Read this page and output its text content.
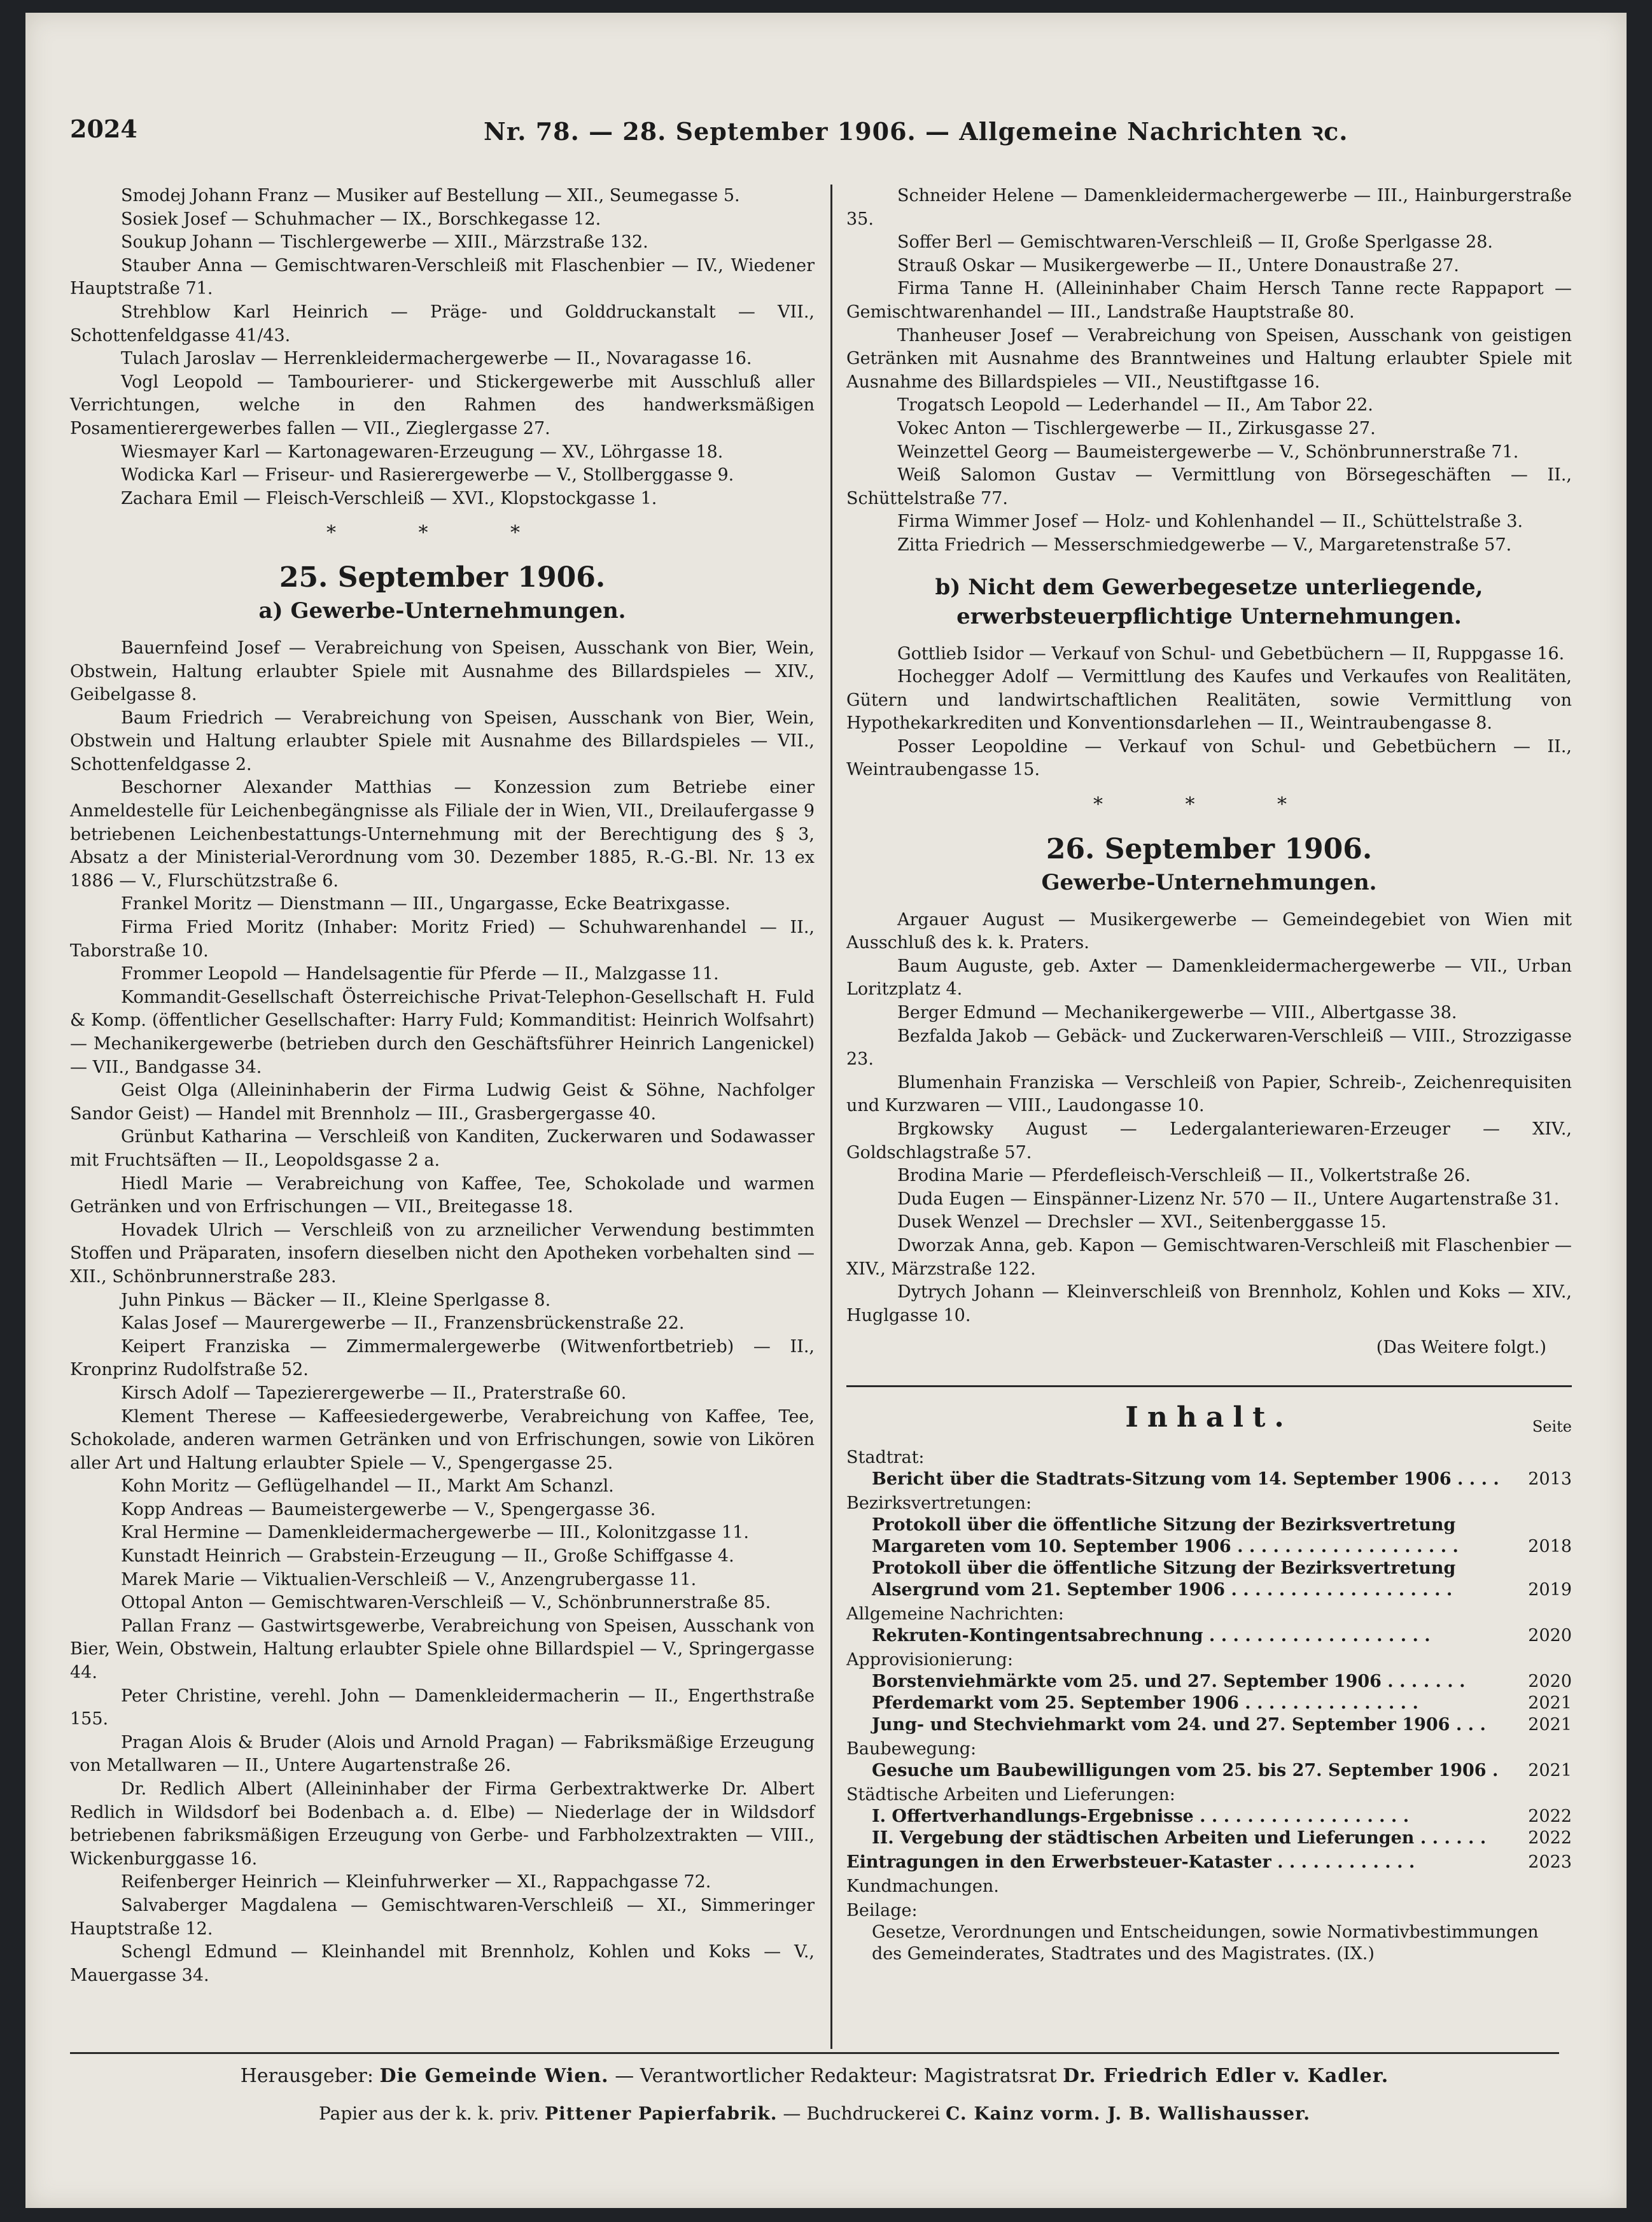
2024	Nr. 78. — 28. September 1906. — Allgemeine Nachrichten ꝛc.

Smodej Johann Franz — Musiker auf Bestellung — XII., Seumegasse 5.

Sosiek Josef — Schuhmacher — IX., Borschkegasse 12.

Soukup Johann — Tischlergewerbe — XIII., Märzstraße 132.

Stauber Anna — Gemischtwaren-Verschleiß mit Flaschenbier — IV., Wiedener Hauptstraße 71.

Strehblow Karl Heinrich — Präge- und Golddruckanstalt — VII., Schottenfeldgasse 41/43.

Tulach Jaroslav — Herrenkleidermachergewerbe — II., Novaragasse 16.

Vogl Leopold — Tambourierer- und Stickergewerbe mit Ausschluß aller Verrichtungen, welche in den Rahmen des handwerksmäßigen Posamentierergewerbes fallen — VII., Zieglergasse 27.

Wiesmayer Karl — Kartonagewaren-Erzeugung — XV., Löhrgasse 18.

Wodicka Karl — Friseur- und Rasierergewerbe — V., Stollberggasse 9.

Zachara Emil — Fleisch-Verschleiß — XVI., Klopstockgasse 1.

* * *
25. September 1906.
a) Gewerbe-Unternehmungen.

Bauernfeind Josef — Verabreichung von Speisen, Ausschank von Bier, Wein, Obstwein, Haltung erlaubter Spiele mit Ausnahme des Billardspieles — XIV., Geibelgasse 8.

Baum Friedrich — Verabreichung von Speisen, Ausschank von Bier, Wein, Obstwein und Haltung erlaubter Spiele mit Ausnahme des Billardspieles — VII., Schottenfeldgasse 2.

Beschorner Alexander Matthias — Konzession zum Betriebe einer Anmeldestelle für Leichenbegängnisse als Filiale der in Wien, VII., Dreilaufergasse 9 betriebenen Leichenbestattungs-Unternehmung mit der Berechtigung des § 3, Absatz a der Ministerial-Verordnung vom 30. Dezember 1885, R.-G.-Bl. Nr. 13 ex 1886 — V., Flurschützstraße 6.

Frankel Moritz — Dienstmann — III., Ungargasse, Ecke Beatrixgasse.

Firma Fried Moritz (Inhaber: Moritz Fried) — Schuhwarenhandel — II., Taborstraße 10.

Frommer Leopold — Handelsagentie für Pferde — II., Malzgasse 11.

Kommandit-Gesellschaft Österreichische Privat-Telephon-Gesellschaft H. Fuld & Komp. (öffentlicher Gesellschafter: Harry Fuld; Kommanditist: Heinrich Wolfsahrt) — Mechanikergewerbe (betrieben durch den Geschäftsführer Heinrich Langenickel) — VII., Bandgasse 34.

Geist Olga (Alleininhaberin der Firma Ludwig Geist & Söhne, Nachfolger Sandor Geist) — Handel mit Brennholz — III., Grasbergergasse 40.

Grünbut Katharina — Verschleiß von Kanditen, Zuckerwaren und Sodawasser mit Fruchtsäften — II., Leopoldsgasse 2 a.

Hiedl Marie — Verabreichung von Kaffee, Tee, Schokolade und warmen Getränken und von Erfrischungen — VII., Breitegasse 18.

Hovadek Ulrich — Verschleiß von zu arzneilicher Verwendung bestimmten Stoffen und Präparaten, insofern dieselben nicht den Apotheken vorbehalten sind — XII., Schönbrunnerstraße 283.

Juhn Pinkus — Bäcker — II., Kleine Sperlgasse 8.

Kalas Josef — Maurergewerbe — II., Franzensbrückenstraße 22.

Keipert Franziska — Zimmermalergewerbe (Witwenfortbetrieb) — II., Kronprinz Rudolfstraße 52.

Kirsch Adolf — Tapezierergewerbe — II., Praterstraße 60.

Klement Therese — Kaffeesiedergewerbe, Verabreichung von Kaffee, Tee, Schokolade, anderen warmen Getränken und von Erfrischungen, sowie von Likören aller Art und Haltung erlaubter Spiele — V., Spengergasse 25.

Kohn Moritz — Geflügelhandel — II., Markt Am Schanzl.

Kopp Andreas — Baumeistergewerbe — V., Spengergasse 36.

Kral Hermine — Damenkleidermachergewerbe — III., Kolonitzgasse 11.

Kunstadt Heinrich — Grabstein-Erzeugung — II., Große Schiffgasse 4.

Marek Marie — Viktualien-Verschleiß — V., Anzengrubergasse 11.

Ottopal Anton — Gemischtwaren-Verschleiß — V., Schönbrunnerstraße 85.

Pallan Franz — Gastwirtsgewerbe, Verabreichung von Speisen, Ausschank von Bier, Wein, Obstwein, Haltung erlaubter Spiele ohne Billardspiel — V., Springergasse 44.

Peter Christine, verehl. John — Damenkleidermacherin — II., Engerthstraße 155.

Pragan Alois & Bruder (Alois und Arnold Pragan) — Fabriksmäßige Erzeugung von Metallwaren — II., Untere Augartenstraße 26.

Dr. Redlich Albert (Alleininhaber der Firma Gerbextraktwerke Dr. Albert Redlich in Wildsdorf bei Bodenbach a. d. Elbe) — Niederlage der in Wildsdorf betriebenen fabriksmäßigen Erzeugung von Gerbe- und Farbholzextrakten — VIII., Wickenburggasse 16.

Reifenberger Heinrich — Kleinfuhrwerker — XI., Rappachgasse 72.

Salvaberger Magdalena — Gemischtwaren-Verschleiß — XI., Simmeringer Hauptstraße 12.

Schengl Edmund — Kleinhandel mit Brennholz, Kohlen und Koks — V., Mauergasse 34.

Schneider Helene — Damenkleidermachergewerbe — III., Hainburgerstraße 35.

Soffer Berl — Gemischtwaren-Verschleiß — II, Große Sperlgasse 28.

Strauß Oskar — Musikergewerbe — II., Untere Donaustraße 27.

Firma Tanne H. (Alleininhaber Chaim Hersch Tanne recte Rappaport — Gemischtwarenhandel — III., Landstraße Hauptstraße 80.

Thanheuser Josef — Verabreichung von Speisen, Ausschank von geistigen Getränken mit Ausnahme des Branntweines und Haltung erlaubter Spiele mit Ausnahme des Billardspieles — VII., Neustiftgasse 16.

Trogatsch Leopold — Lederhandel — II., Am Tabor 22.

Vokec Anton — Tischlergewerbe — II., Zirkusgasse 27.

Weinzettel Georg — Baumeistergewerbe — V., Schönbrunnerstraße 71.

Weiß Salomon Gustav — Vermittlung von Börsegeschäften — II., Schüttelstraße 77.

Firma Wimmer Josef — Holz- und Kohlenhandel — II., Schüttelstraße 3.

Zitta Friedrich — Messerschmiedgewerbe — V., Margaretenstraße 57.

b) Nicht dem Gewerbegesetze unterliegende, erwerbsteuerpflichtige Unternehmungen.

Gottlieb Isidor — Verkauf von Schul- und Gebetbüchern — II, Ruppgasse 16.

Hochegger Adolf — Vermittlung des Kaufes und Verkaufes von Realitäten, Gütern und landwirtschaftlichen Realitäten, sowie Vermittlung von Hypothekarkrediten und Konventionsdarlehen — II., Weintraubengasse 8.

Posser Leopoldine — Verkauf von Schul- und Gebetbüchern — II., Weintraubengasse 15.

* * *
26. September 1906.
Gewerbe-Unternehmungen.

Argauer August — Musikergewerbe — Gemeindegebiet von Wien mit Ausschluß des k. k. Praters.

Baum Auguste, geb. Axter — Damenkleidermachergewerbe — VII., Urban Loritzplatz 4.

Berger Edmund — Mechanikergewerbe — VIII., Albertgasse 38.

Bezfalda Jakob — Gebäck- und Zuckerwaren-Verschleiß — VIII., Strozzigasse 23.

Blumenhain Franziska — Verschleiß von Papier, Schreib-, Zeichenrequisiten und Kurzwaren — VIII., Laudongasse 10.

Brgkowsky August — Ledergalanteriewaren-Erzeuger — XIV., Goldschlagstraße 57.

Brodina Marie — Pferdefleisch-Verschleiß — II., Volkertstraße 26.

Duda Eugen — Einspänner-Lizenz Nr. 570 — II., Untere Augartenstraße 31.

Dusek Wenzel — Drechsler — XVI., Seitenberggasse 15.

Dworzak Anna, geb. Kapon — Gemischtwaren-Verschleiß mit Flaschenbier — XIV., Märzstraße 122.

Dytrych Johann — Kleinverschleiß von Brennholz, Kohlen und Koks — XIV., Huglgasse 10.

(Das Weitere folgt.)
Inhalt.	Seite
Stadtrat:
Bericht über die Stadtrats-Sitzung vom 14. September 1906 . . . . 2013
Bezirksvertretungen:
Protokoll über die öffentliche Sitzung der Bezirksvertretung Margareten vom 10. September 1906 . . . . . . . . . . . . . . . . . . .	2018
Protokoll über die öffentliche Sitzung der Bezirksvertretung Alsergrund vom 21. September 1906 . . . . . . . . . . . . . . . . . . .	2019
Allgemeine Nachrichten:
Rekruten-Kontingentsabrechnung . . . . . . . . . . . . . . . . . . .	2020
Approvisionierung:
Borstenviehmärkte vom 25. und 27. September 1906 . . . . . . .	2020
Pferdemarkt vom 25. September 1906 . . . . . . . . . . . . . . .	2021
Jung- und Stechviehmarkt vom 24. und 27. September 1906 . . . 2021
Baubewegung:
Gesuche um Baubewilligungen vom 25. bis 27. September 1906 . 2021
Städtische Arbeiten und Lieferungen:
I. Offertverhandlungs-Ergebnisse . . . . . . . . . . . . . . . . . .	2022
II. Vergebung der städtischen Arbeiten und Lieferungen . . . . . . 2022
Eintragungen in den Erwerbsteuer-Kataster . . . . . . . . . . . .	2023
Kundmachungen.
Beilage:
Gesetze, Verordnungen und Entscheidungen, sowie Normativbestimmungen des Gemeinderates, Stadtrates und des Magistrates. (IX.)
Herausgeber: Die Gemeinde Wien. — Verantwortlicher Redakteur: Magistratsrat Dr. Friedrich Edler v. Kadler.
Papier aus der k. k. priv. Pittener Papierfabrik. — Buchdruckerei C. Kainz vorm. J. B. Wallishausser.
